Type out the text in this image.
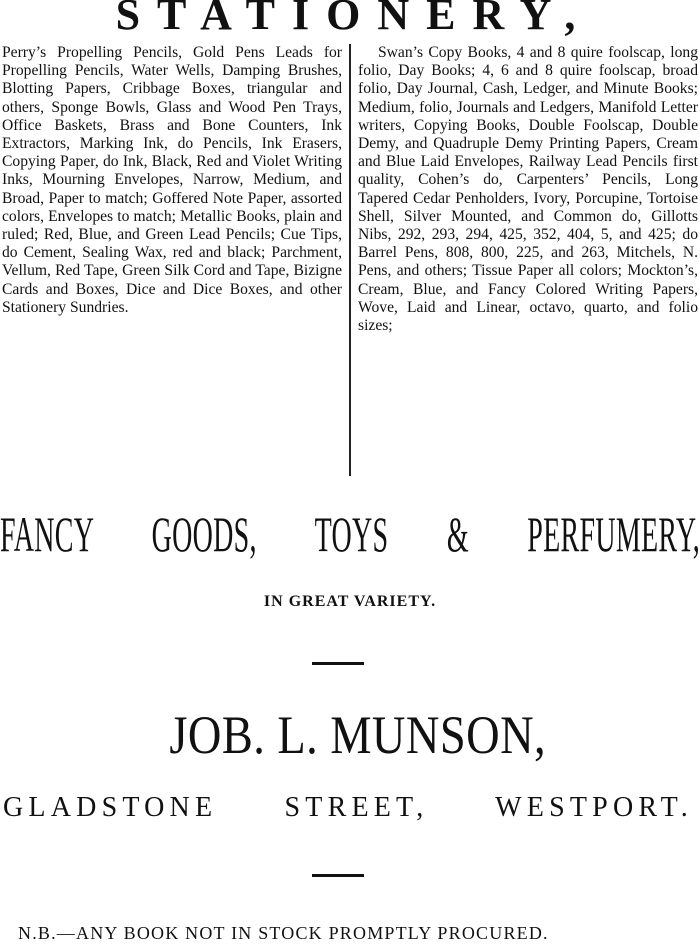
STATIONERY,

Perry’s Propelling Pencils, Gold Pens Leads for Propelling Pencils, Water Wells, Damping Brushes, Blotting Papers, Cribbage Boxes, triangular and others, Sponge Bowls, Glass and Wood Pen Trays, Office Baskets, Brass and Bone Counters, Ink Extractors, Marking Ink, do Pencils, Ink Erasers, Copying Paper, do Ink, Black, Red and Violet Writing Inks, Mourning Envelopes, Narrow, Medium, and Broad, Paper to match; Goffered Note Paper, assorted colors, Envelopes to match; Metallic Books, plain and ruled; Red, Blue, and Green Lead Pencils; Cue Tips, do Cement, Sealing Wax, red and black; Parchment, Vellum, Red Tape, Green Silk Cord and Tape, Bizigne Cards and Boxes, Dice and Dice Boxes, and other Stationery Sundries.

Swan’s Copy Books, 4 and 8 quire foolscap, long folio, Day Books; 4, 6 and 8 quire foolscap, broad folio, Day Journal, Cash, Ledger, and Minute Books; Medium, folio, Journals and Ledgers, Manifold Letter writers, Copying Books, Double Foolscap, Double Demy, and Quadruple Demy Printing Papers, Cream and Blue Laid Envelopes, Railway Lead Pencils first quality, Cohen’s do, Carpenters’ Pencils, Long Tapered Cedar Penholders, Ivory, Porcupine, Tortoise Shell, Silver Mounted, and Common do, Gillotts Nibs, 292, 293, 294, 425, 352, 404, 5, and 425; do Barrel Pens, 808, 800, 225, and 263, Mitchels, N. Pens, and others; Tissue Paper all colors; Mockton’s, Cream, Blue, and Fancy Colored Writing Papers, Wove, Laid and Linear, octavo, quarto, and folio sizes;

FANCY GOODS, TOYS & PERFUMERY,
IN GREAT VARIETY.
JOB. L. MUNSON,
GLADSTONE STREET, WESTPORT.
N.B.—ANY BOOK NOT IN STOCK PROMPTLY PROCURED.
